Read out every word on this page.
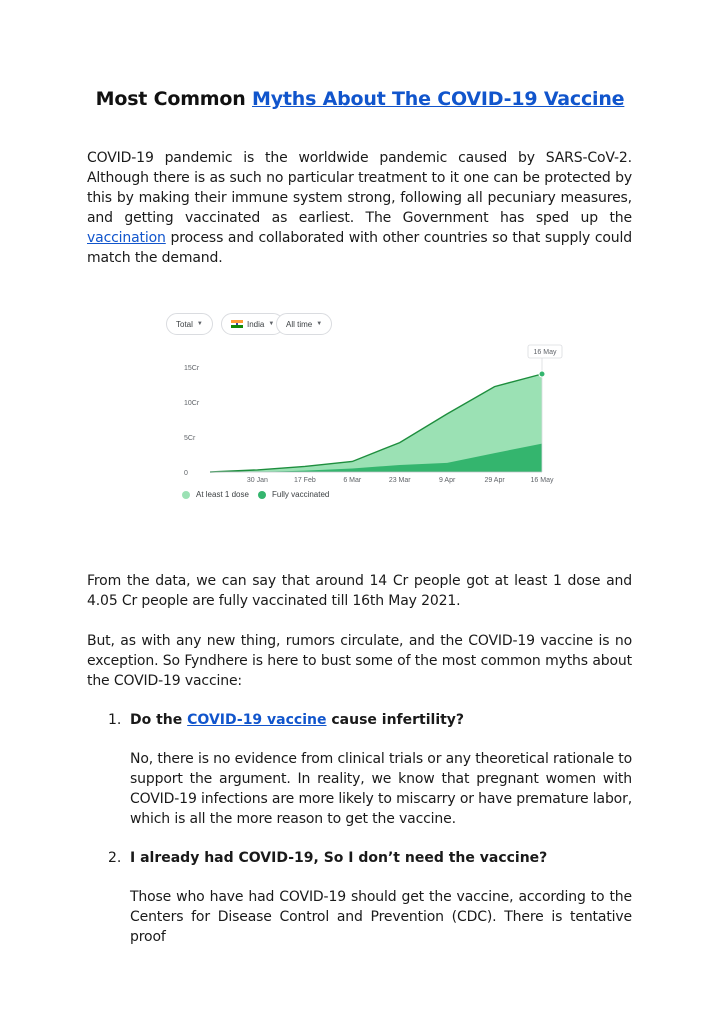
Most Common Myths About The COVID-19 Vaccine

COVID-19 pandemic is the worldwide pandemic caused by SARS-CoV-2. Although there is as such no particular treatment to it one can be protected by this by making their immune system strong, following all pecuniary measures, and getting vaccinated as earliest. The Government has sped up the vaccination process and collaborated with other countries so that supply could match the demand.

Total ▼	India ▼ All time ▼
15Cr
10Cr
5Cr
0
16 May
30 Jan	17 Feb	6 Mar	23 Mar	9 Apr	29 Apr	16 May
At least 1 dose	Fully vaccinated

From the data, we can say that around 14 Cr people got at least 1 dose and 4.05 Cr people are fully vaccinated till 16th May 2021.

But, as with any new thing, rumors circulate, and the COVID-19 vaccine is no exception. So Fyndhere is here to bust some of the most common myths about the COVID-19 vaccine:

1. Do the COVID-19 vaccine cause infertility?

No, there is no evidence from clinical trials or any theoretical rationale to support the argument. In reality, we know that pregnant women with COVID-19 infections are more likely to miscarry or have premature labor, which is all the more reason to get the vaccine.

2. I already had COVID-19, So I don’t need the vaccine?

Those who have had COVID-19 should get the vaccine, according to the Centers for Disease Control and Prevention (CDC). There is tentative proof
